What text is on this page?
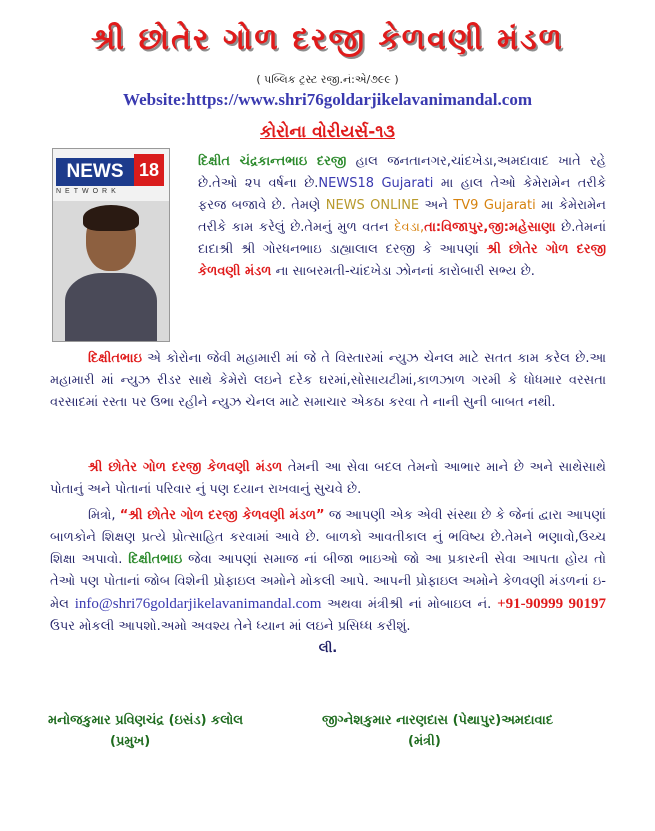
શ્રી છોતેર ગોળ દરજી કેળવણી મંડળ
( પબ્લિક ટ્રસ્ટ રજી.નં:એ/૭૯૯ )
Website:https://www.shri76goldarjikelavanimandal.com
કોરોના વોરીયર્સ-૧૩
NEWS 18
NETWORK
દિક્ષીત ચંદ્રકાન્તભાઇ દરજી હાલ જનતાનગર,ચાંદખેડા,અમદાવાદ ખાતે રહે છે.તેઓ ૨૫ વર્ષના છે.NEWS18 Gujarati મા હાલ તેઓ કેમેરામેન તરીકે ફરજ બજાવે છે. તેમણે NEWS ONLINE અને TV9 Gujarati મા કેમેરામેન તરીકે કામ કરેલું છે.તેમનું મુળ વતન દેવડા,તા:વિજાપુર,જી:મહેસાણા છે.તેમનાં દાદાશ્રી શ્રી ગોરધનભાઇ ડાહ્યાલાલ દરજી કે આપણાં શ્રી છોતેર ગોળ દરજી કેળવણી મંડળ ના સાબરમતી-ચાંદખેડા ઝોનનાં કારોબારી સભ્ય છે.
દિક્ષીતભાઇ એ કોરોના જેવી મહામારી માં જે તે વિસ્તારમાં ન્યુઝ ચેનલ માટે સતત કામ કરેલ છે.આ મહામારી માં ન્યુઝ રીડર સાથે કેમેરો લઇને દરેક ઘરમાં,સોસાયટીમાં,કાળઝાળ ગરમી કે ધોધમાર વરસતા વરસાદમાં રસ્તા પર ઉભા રહીને ન્યુઝ ચેનલ માટે સમાચાર એકઠા કરવા તે નાની સુની બાબત નથી.
શ્રી છોતેર ગોળ દરજી કેળવણી મંડળ તેમની આ સેવા બદલ તેમનો આભાર માને છે અને સાથેસાથે પોતાનું અને પોતાનાં પરિવાર નું પણ દયાન રાખવાનું સુચવે છે.
મિત્રો, “શ્રી છોતેર ગોળ દરજી કેળવણી મંડળ” જ આપણી એક એવી સંસ્થા છે કે જેનાં દ્વારા આપણાં બાળકોને શિક્ષણ પ્રત્યે પ્રોત્સાહિત કરવામાં આવે છે. બાળકો આવતીકાલ નું ભવિષ્ય છે.તેમને ભણાવો,ઉચ્ચ શિક્ષા અપાવો. દિક્ષીતભાઇ જેવા આપણાં સમાજ નાં બીજા ભાઇઓ જો આ પ્રકારની સેવા આપતા હોય તો તેઓ પણ પોતાનાં જોબ વિશેની પ્રોફાઇલ અમોને મોકલી આપે. આપની પ્રોફાઇલ અમોને કેળવણી મંડળનાં ઇ-મેલ info@shri76goldarjikelavanimandal.com અથવા મંત્રીશ્રી નાં મોબાઇલ નં. +91-90999 90197 ઉપર મોકલી આપશો.અમો અવશ્ય તેને ધ્યાન માં લઇને પ્રસિધ્ધ કરીશું.
લી.
મનોજકુમાર પ્રવિણચંદ્ર (ઇસંડ) કલોલ
(પ્રમુખ)
જીગ્નેશકુમાર નારણદાસ (પેથાપુર)અમદાવાદ
(મંત્રી)
